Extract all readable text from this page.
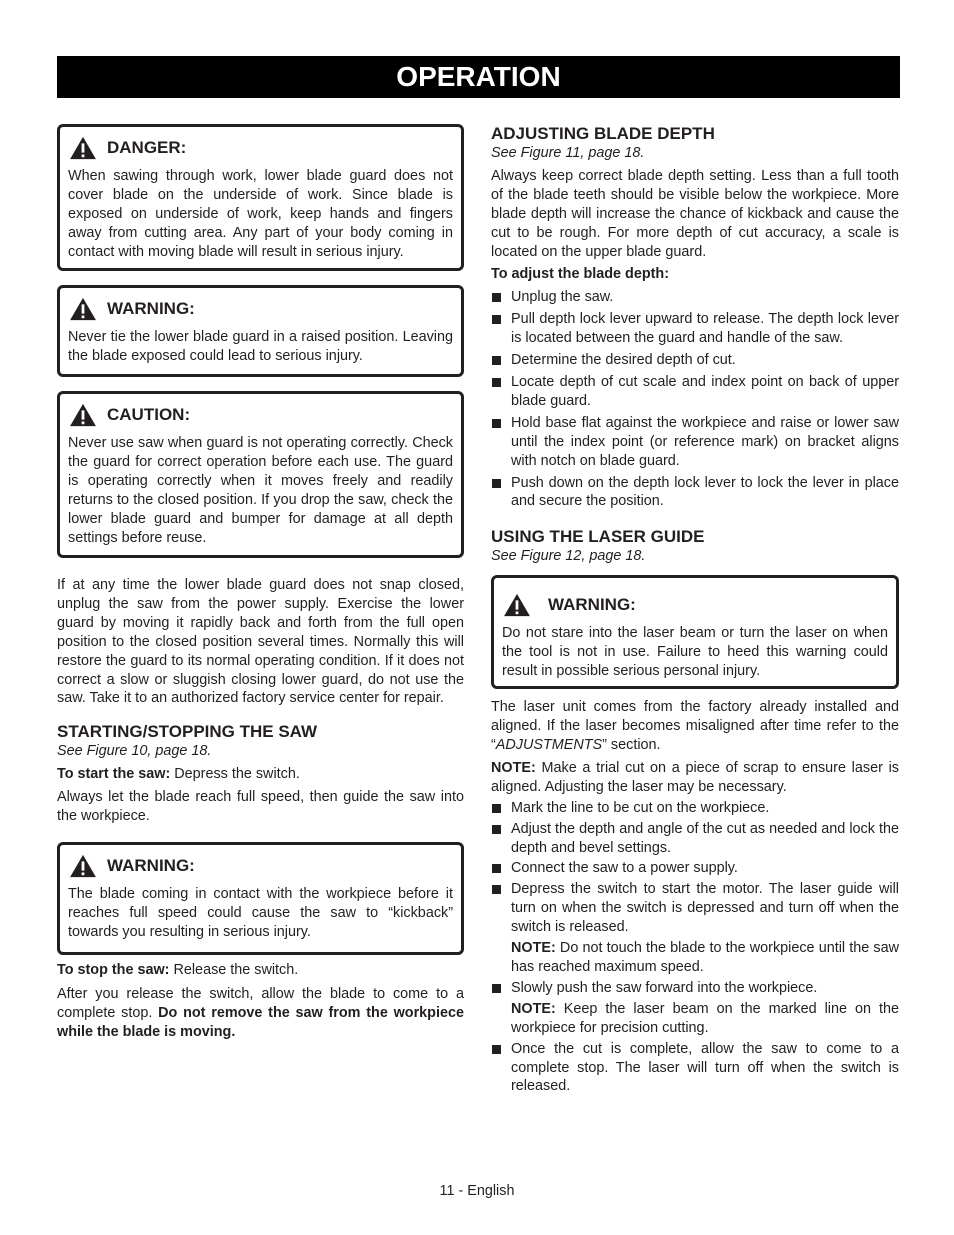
OPERATION
DANGER:
When sawing through work, lower blade guard does not cover blade on the underside of work. Since blade is exposed on underside of work, keep hands and fingers away from cutting area. Any part of your body coming in contact with moving blade will result in serious injury.
WARNING:
Never tie the lower blade guard in a raised position. Leaving the blade exposed could lead to serious injury.
CAUTION:
Never use saw when guard is not operating correctly. Check the guard for correct operation before each use. The guard is operating correctly when it moves freely and readily returns to the closed position. If you drop the saw, check the lower blade guard and bumper for damage at all depth settings before reuse.

If at any time the lower blade guard does not snap closed, unplug the saw from the power supply. Exercise the lower guard by moving it rapidly back and forth from the full open position to the closed position several times. Normally this will restore the guard to its normal operating condition. If it does not correct a slow or sluggish closing lower guard, do not use the saw. Take it to an authorized factory service center for repair.

STARTING/STOPPING THE SAW
See Figure 10, page 18.

To start the saw: Depress the switch.

Always let the blade reach full speed, then guide the saw into the workpiece.

WARNING:
The blade coming in contact with the workpiece before it reaches full speed could cause the saw to “kickback” towards you resulting in serious injury.

To stop the saw: Release the switch.

After you release the switch, allow the blade to come to a complete stop. Do not remove the saw from the workpiece while the blade is moving.

ADJUSTING BLADE DEPTH
See Figure 11, page 18.

Always keep correct blade depth setting. Less than a full tooth of the blade teeth should be visible below the workpiece. More blade depth will increase the chance of kickback and cause the cut to be rough. For more depth of cut accuracy, a scale is located on the upper blade guard.

To adjust the blade depth:

Unplug the saw.
Pull depth lock lever upward to release. The depth lock lever is located between the guard and handle of the saw.
Determine the desired depth of cut.
Locate depth of cut scale and index point on back of upper blade guard.
Hold base flat against the workpiece and raise or lower saw until the index point (or reference mark) on bracket aligns with notch on blade guard.
Push down on the depth lock lever to lock the lever in place and secure the position.
USING THE LASER GUIDE
See Figure 12, page 18.
WARNING:
Do not stare into the laser beam or turn the laser on when the tool is not in use. Failure to heed this warning could result in possible serious personal injury.

The laser unit comes from the factory already installed and aligned. If the laser becomes misaligned after time refer to the “ADJUSTMENTS” section.

NOTE: Make a trial cut on a piece of scrap to ensure laser is aligned. Adjusting the laser may be necessary.

Mark the line to be cut on the workpiece.
Adjust the depth and angle of the cut as needed and lock the depth and bevel settings.
Connect the saw to a power supply.
Depress the switch to start the motor. The laser guide will turn on when the switch is depressed and turn off when the switch is released.
NOTE: Do not touch the blade to the workpiece until the saw has reached maximum speed.
Slowly push the saw forward into the workpiece.
NOTE: Keep the laser beam on the marked line on the workpiece for precision cutting.
Once the cut is complete, allow the saw to come to a complete stop. The laser will turn off when the switch is released.
11 - English
